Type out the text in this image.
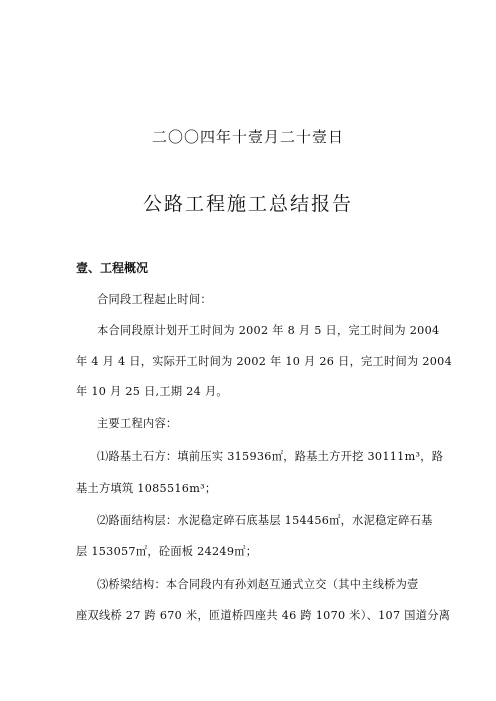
二〇〇四年十壹月二十壹日
公路工程施工总结报告
壹、工程概况
合同段工程起止时间：
本合同段原计划开工时间为 2002 年 8 月 5 日，完工时间为 2004
年 4 月 4 日，实际开工时间为 2002 年 10 月 26 日，完工时间为 2004
年 10 月 25 日,工期 24 月。
主要工程内容：
⑴路基土石方：填前压实 315936㎡，路基土方开挖 30111m³，路
基土方填筑 1085516m³；
⑵路面结构层：水泥稳定碎石底基层 154456㎡，水泥稳定碎石基
层 153057㎡，砼面板 24249㎡；
⑶桥梁结构：本合同段内有孙刘赵互通式立交（其中主线桥为壹
座双线桥 27 跨 670 米，匝道桥四座共 46 跨 1070 米）、107 国道分离
